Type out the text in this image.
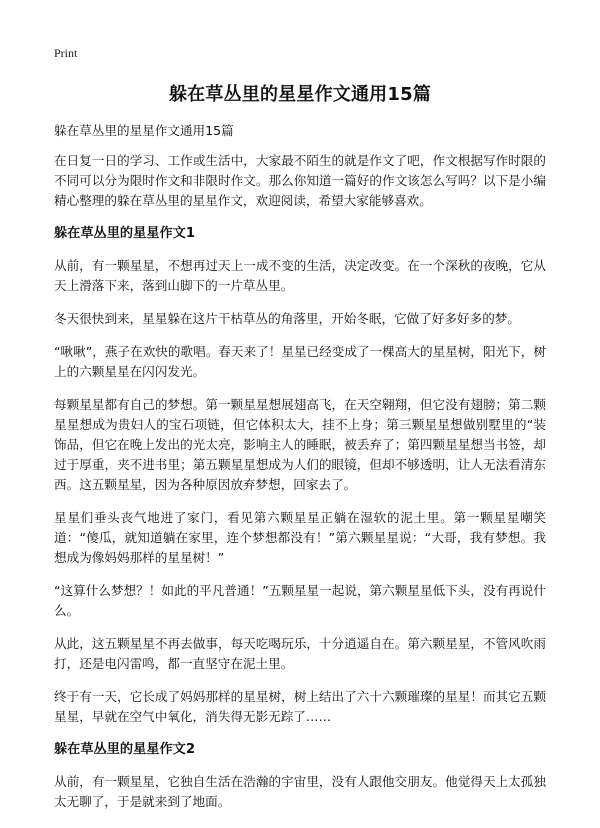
Print
躲在草丛里的星星作文通用15篇

躲在草丛里的星星作文通用15篇

在日复一日的学习、工作或生活中，大家最不陌生的就是作文了吧，作文根据写作时限的不同可以分为限时作文和非限时作文。那么你知道一篇好的作文该怎么写吗？以下是小编精心整理的躲在草丛里的星星作文，欢迎阅读，希望大家能够喜欢。

躲在草丛里的星星作文1

从前，有一颗星星，不想再过天上一成不变的生活，决定改变。在一个深秋的夜晚，它从天上滑落下来，落到山脚下的一片草丛里。

冬天很快到来，星星躲在这片干枯草丛的角落里，开始冬眠，它做了好多好多的梦。

“啾啾”，燕子在欢快的歌唱。春天来了！星星已经变成了一棵高大的星星树，阳光下，树上的六颗星星在闪闪发光。

每颗星星都有自己的梦想。第一颗星星想展翅高飞，在天空翱翔，但它没有翅膀；第二颗星星想成为贵妇人的宝石项链，但它体积太大，挂不上身；第三颗星星想做别墅里的“装饰品，但它在晚上发出的光太亮，影响主人的睡眠，被丢弃了；第四颗星星想当书签，却过于厚重，夹不进书里；第五颗星星想成为人们的眼镜，但却不够透明，让人无法看清东西。这五颗星星，因为各种原因放弃梦想，回家去了。

星星们垂头丧气地进了家门，看见第六颗星星正躺在湿软的泥土里。第一颗星星嘲笑道：“傻瓜，就知道躺在家里，连个梦想都没有！”第六颗星星说：“大哥，我有梦想。我想成为像妈妈那样的星星树！”

“这算什么梦想？！如此的平凡普通！”五颗星星一起说，第六颗星星低下头，没有再说什么。

从此，这五颗星星不再去做事，每天吃喝玩乐，十分逍遥自在。第六颗星星，不管风吹雨打，还是电闪雷鸣，都一直坚守在泥土里。

终于有一天，它长成了妈妈那样的星星树，树上结出了六十六颗璀璨的星星！而其它五颗星星，早就在空气中氧化，消失得无影无踪了……

躲在草丛里的星星作文2

从前，有一颗星星，它独自生活在浩瀚的宇宙里，没有人跟他交朋友。他觉得天上太孤独太无聊了，于是就来到了地面。
